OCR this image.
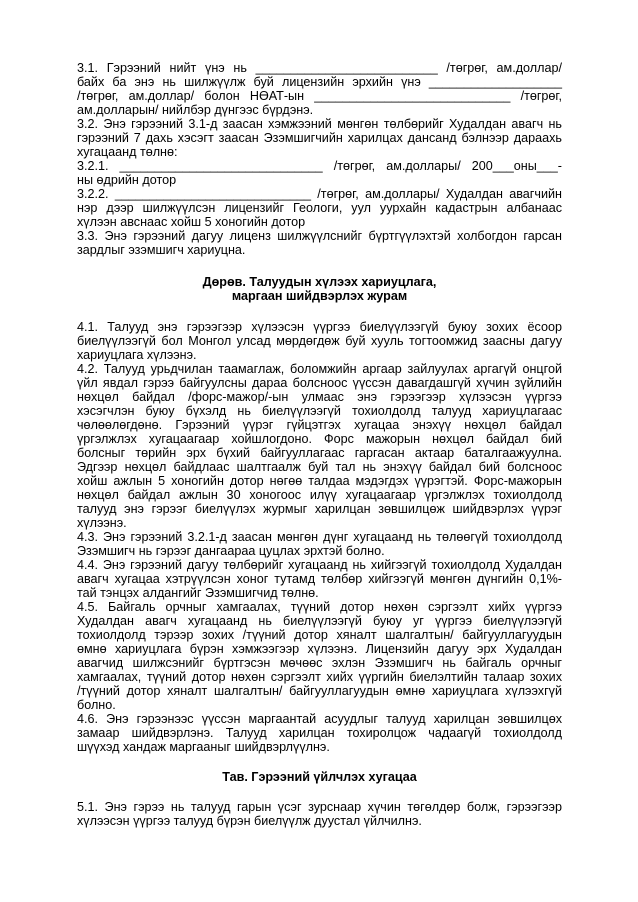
3.1. Гэрээний нийт үнэ нь __________________________ /төгрөг, ам.доллар/
байх ба энэ нь шилжүүлж буй лицензийн эрхийн үнэ ___________________
/төгрөг, ам.доллар/ болон НӨАТ-ын ____________________________ /төгрөг,
ам.долларын/ нийлбэр дүнгээс бүрдэнэ.
3.2. Энэ гэрээний 3.1-д заасан хэмжээний мөнгөн төлбөрийг Худалдан авагч нь
гэрээний 7 дахь хэсэгт заасан Эзэмшигчийн харилцах дансанд бэлнээр дараахь
хугацаанд төлнө:
3.2.1. _____________________________ /төгрөг, ам.доллары/ 200___оны___-
ны өдрийн дотор
3.2.2. ____________________________ /төгрөг, ам.доллары/ Худалдан авагчийн
нэр дээр шилжүүлсэн лицензийг Геологи, уул уурхайн кадастрын албанаас
хүлээн авснаас хойш 5 хоногийн дотор
3.3. Энэ гэрээний дагуу лиценз шилжүүлснийг бүртгүүлэхтэй холбогдон гарсан
зардлыг эзэмшигч хариуцна.
Дөрөв. Талуудын хүлээх хариуцлага,
маргаан шийдвэрлэх журам
4.1. Талууд энэ гэрээгээр хүлээсэн үүргээ биелүүлээгүй буюу зохих ёсоор
биелүүлээгүй бол Монгол улсад мөрдөгдөж буй хууль тогтоомжид заасны дагуу
хариуцлага хүлээнэ.
4.2. Талууд урьдчилан таамаглаж, боломжийн аргаар зайлуулах аргагүй онцгой
үйл явдал гэрээ байгуулсны дараа болсноос үүссэн давагдашгүй хүчин зүйлийн
нөхцөл байдал /форс-мажор/-ын улмаас энэ гэрээгээр хүлээсэн үүргээ
хэсэгчлэн буюу бүхэлд нь биелүүлээгүй тохиолдолд талууд хариуцлагаас
чөлөөлөгдөнө. Гэрээний үүрэг гүйцэтгэх хугацаа энэхүү нөхцөл байдал
үргэлжлэх хугацаагаар хойшлогдоно. Форс мажорын нөхцөл байдал бий
болсныг төрийн эрх бүхий байгууллагаас гаргасан актаар баталгаажуулна.
Эдгээр нөхцөл байдлаас шалтгаалж буй тал нь энэхүү байдал бий болсноос
хойш ажлын 5 хоногийн дотор нөгөө талдаа мэдэгдэх үүрэгтэй. Форс-мажорын
нөхцөл байдал ажлын 30 хоногоос илүү хугацаагаар үргэлжлэх тохиолдолд
талууд энэ гэрээг биелүүлэх журмыг харилцан зөвшилцөж шийдвэрлэх үүрэг
хүлээнэ.
4.3. Энэ гэрээний 3.2.1-д заасан мөнгөн дүнг хугацаанд нь төлөөгүй тохиолдолд
Эзэмшигч нь гэрээг дангаараа цуцлах эрхтэй болно.
4.4. Энэ гэрээний дагуу төлбөрийг хугацаанд нь хийгээгүй тохиолдолд Худалдан
авагч хугацаа хэтрүүлсэн хоног тутамд төлбөр хийгээгүй мөнгөн дүнгийн 0,1%-
тай тэнцэх алдангийг Эзэмшигчид төлнө.
4.5. Байгаль орчныг хамгаалах, түүний дотор нөхөн сэргээлт хийх үүргээ
Худалдан авагч хугацаанд нь биелүүлээгүй буюу уг үүргээ биелүүлээгүй
тохиолдолд тэрээр зохих /түүний дотор хяналт шалгалтын/ байгууллагуудын
өмнө хариуцлага бүрэн хэмжээгээр хүлээнэ. Лицензийн дагуу эрх Худалдан
авагчид шилжсэнийг бүртгэсэн мөчөөс эхлэн Эзэмшигч нь байгаль орчныг
хамгаалах, түүний дотор нөхөн сэргээлт хийх үүргийн биелэлтийн талаар зохих
/түүний дотор хяналт шалгалтын/ байгууллагуудын өмнө хариуцлага хүлээхгүй
болно.
4.6. Энэ гэрээнээс үүссэн маргаантай асуудлыг талууд харилцан зөвшилцөх
замаар шийдвэрлэнэ. Талууд харилцан тохиролцож чадаагүй тохиолдолд
шүүхэд хандаж маргааныг шийдвэрлүүлнэ.
Тав. Гэрээний үйлчлэх хугацаа
5.1. Энэ гэрээ нь талууд гарын үсэг зурснаар хүчин төгөлдөр болж, гэрээгээр
хүлээсэн үүргээ талууд бүрэн биелүүлж дуустал үйлчилнэ.
